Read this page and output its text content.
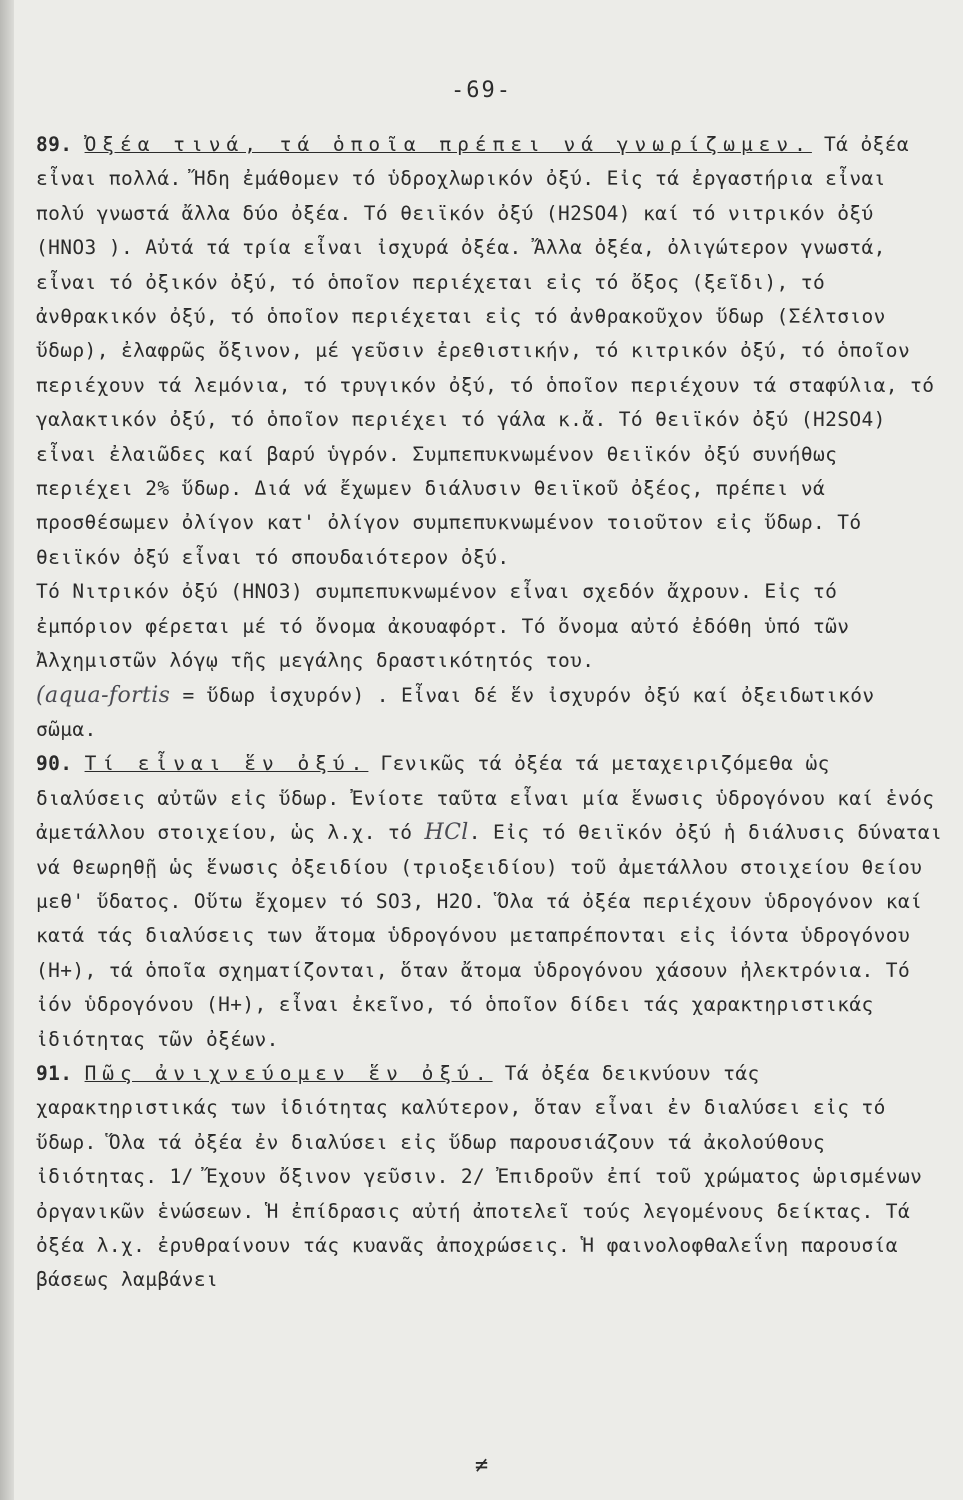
-69-

89. Ὀξέα τινά, τά ὁποῖα πρέπει νά γνωρίζωμεν. Τά ὀξέα εἶναι πολλά. Ἤδη ἐμάθομεν τό ὑδροχλωρικόν ὀξύ. Εἰς τά ἐργαστήρια εἶναι πολύ γνωστά ἄλλα δύο ὀξέα. Τό θειϊκόν ὀξύ (H2SO4) καί τό νιτρικόν ὀξύ (HNO3 ). Αὐτά τά τρία εἶναι ἰσχυρά ὀξέα. Ἄλλα ὀξέα, ὀλιγώτερον γνωστά, εἶναι τό ὀξικόν ὀξύ, τό ὁποῖον περιέχεται εἰς τό ὄξος (ξεῖδι), τό ἀνθρακικόν ὀξύ, τό ὁποῖον περιέχεται εἰς τό ἀνθρακοῦχον ὕδωρ (Σέλτσιον ὕδωρ), ἐλαφρῶς ὄξινον, μέ γεῦσιν ἐρεθιστικήν, τό κιτρικόν ὀξύ, τό ὁποῖον περιέχουν τά λεμόνια, τό τρυγικόν ὀξύ, τό ὁποῖον περιέχουν τά σταφύλια, τό γαλακτικόν ὀξύ, τό ὁποῖον περιέχει τό γάλα κ.ἄ. Τό θειϊκόν ὀξύ (H2SO4) εἶναι ἐλαιῶδες καί βαρύ ὑγρόν. Συμπεπυκνωμένον θειϊκόν ὀξύ συνήθως περιέχει 2% ὕδωρ. Διά νά ἔχωμεν διάλυσιν θειϊκοῦ ὀξέος, πρέπει νά προσθέσωμεν ὀλίγον κατ' ὀλίγον συμπεπυκνωμένον τοιοῦτον εἰς ὕδωρ. Τό θειϊκόν ὀξύ εἶναι τό σπουδαιότερον ὀξύ.

Τό Νιτρικόν ὀξύ (HNO3) συμπεπυκνωμένον εἶναι σχεδόν ἄχρουν. Εἰς τό ἐμπόριον φέρεται μέ τό ὄνομα ἀκουαφόρτ. Τό ὄνομα αὐτό ἐδόθη ὑπό τῶν Ἀλχημιστῶν λόγῳ τῆς μεγάλης δραστικότητός του.

(aqua-fortis = ὕδωρ ἰσχυρόν) . Εἶναι δέ ἕν ἰσχυρόν ὀξύ καί ὀξειδωτικόν σῶμα.

90. Τί εἶναι ἕν ὀξύ. Γενικῶς τά ὀξέα τά μεταχειριζόμεθα ὡς διαλύσεις αὐτῶν εἰς ὕδωρ. Ἐνίοτε ταῦτα εἶναι μία ἕνωσις ὑδρογόνου καί ἑνός ἀμετάλλου στοιχείου, ὡς λ.χ. τό HCl. Εἰς τό θειϊκόν ὀξύ ἡ διάλυσις δύναται νά θεωρηθῇ ὡς ἕνωσις ὀξειδίου (τριοξειδίου) τοῦ ἀμετάλλου στοιχείου θείου μεθ' ὕδατος. Οὕτω ἔχομεν τό SO3, H2O. Ὅλα τά ὀξέα περιέχουν ὑδρογόνον καί κατά τάς διαλύσεις των ἄτομα ὑδρογόνου μεταπρέπονται εἰς ἰόντα ὑδρογόνου (H+), τά ὁποῖα σχηματίζονται, ὅταν ἄτομα ὑδρογόνου χάσουν ἠλεκτρόνια. Τό ἰόν ὑδρογόνου (H+), εἶναι ἐκεῖνο, τό ὁποῖον δίδει τάς χαρακτηριστικάς ἰδιότητας τῶν ὀξέων.

91. Πῶς ἀνιχνεύομεν ἕν ὀξύ. Τά ὀξέα δεικνύουν τάς χαρακτηριστικάς των ἰδιότητας καλύτερον, ὅταν εἶναι ἐν διαλύσει εἰς τό ὕδωρ. Ὅλα τά ὀξέα ἐν διαλύσει εἰς ὕδωρ παρουσιάζουν τά ἀκολούθους ἰδιότητας. 1/ Ἔχουν ὄξινον γεῦσιν. 2/ Ἐπιδροῦν ἐπί τοῦ χρώματος ὡρισμένων ὀργανικῶν ἑνώσεων. Ἡ ἐπίδρασις αὐτή ἀποτελεῖ τούς λεγομένους δείκτας. Τά ὀξέα λ.χ. ἐρυθραίνουν τάς κυανᾶς ἀποχρώσεις. Ἡ φαινολοφθαλεΐνη παρουσία βάσεως λαμβάνει

≠
